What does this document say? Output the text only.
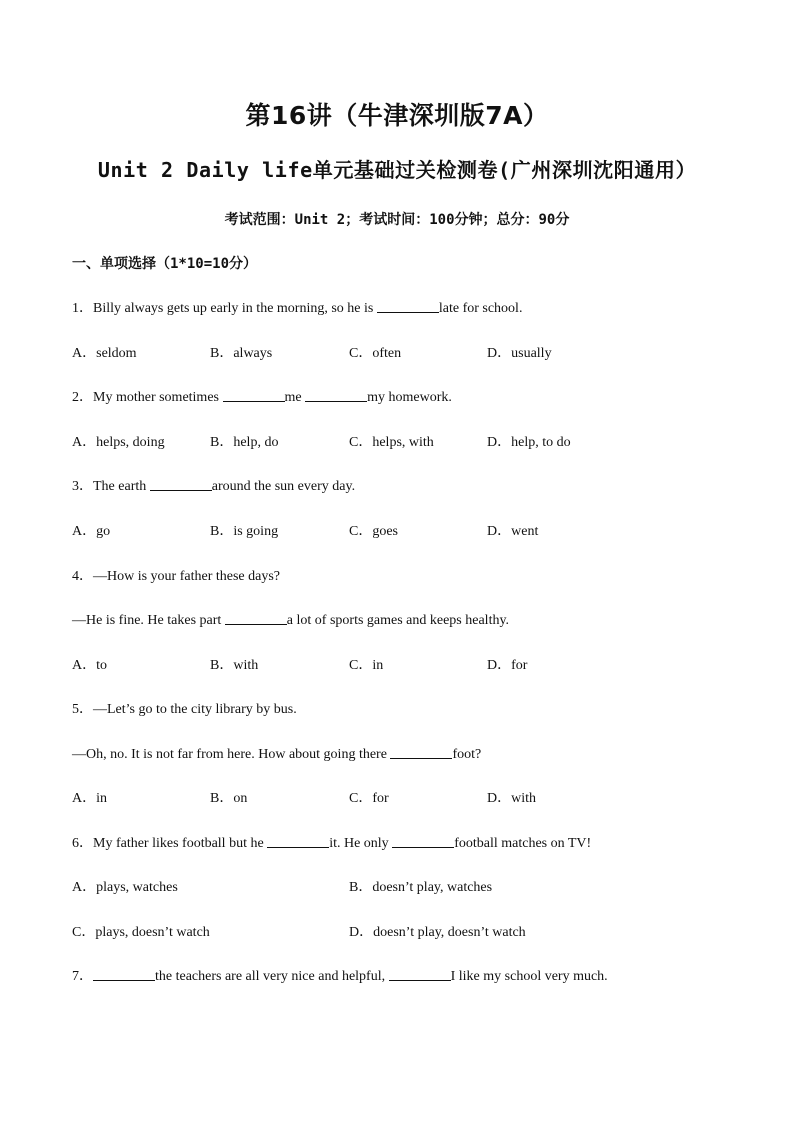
第16讲（牛津深圳版7A）
Unit 2 Daily life单元基础过关检测卷(广州深圳沈阳通用）
考试范围：Unit 2；考试时间：100分钟；总分：90分
一、单项选择（1*10=10分）
1．Billy always gets up early in the morning, so he is	late for school.
A．seldom	B．always	C．often	D．usually
2．My mother sometimes	me	my homework.
A．helps, doing	B．help, do	C．helps, with	D．help, to do
3．The earth	around the sun every day.
A．go	B．is going	C．goes	D．went
4．—How is your father these days?
—He is fine. He takes part	a lot of sports games and keeps healthy.
A．to	B．with	C．in	D．for
5．—Let’s go to the city library by bus.
—Oh, no. It is not far from here. How about going there	foot?
A．in	B．on	C．for	D．with
6．My father likes football but he	it. He only	football matches on TV!
A．plays, watches	B．doesn’t play, watches
C．plays, doesn’t watch	D．doesn’t play, doesn’t watch
7．	the teachers are all very nice and helpful,	I like my school very much.
